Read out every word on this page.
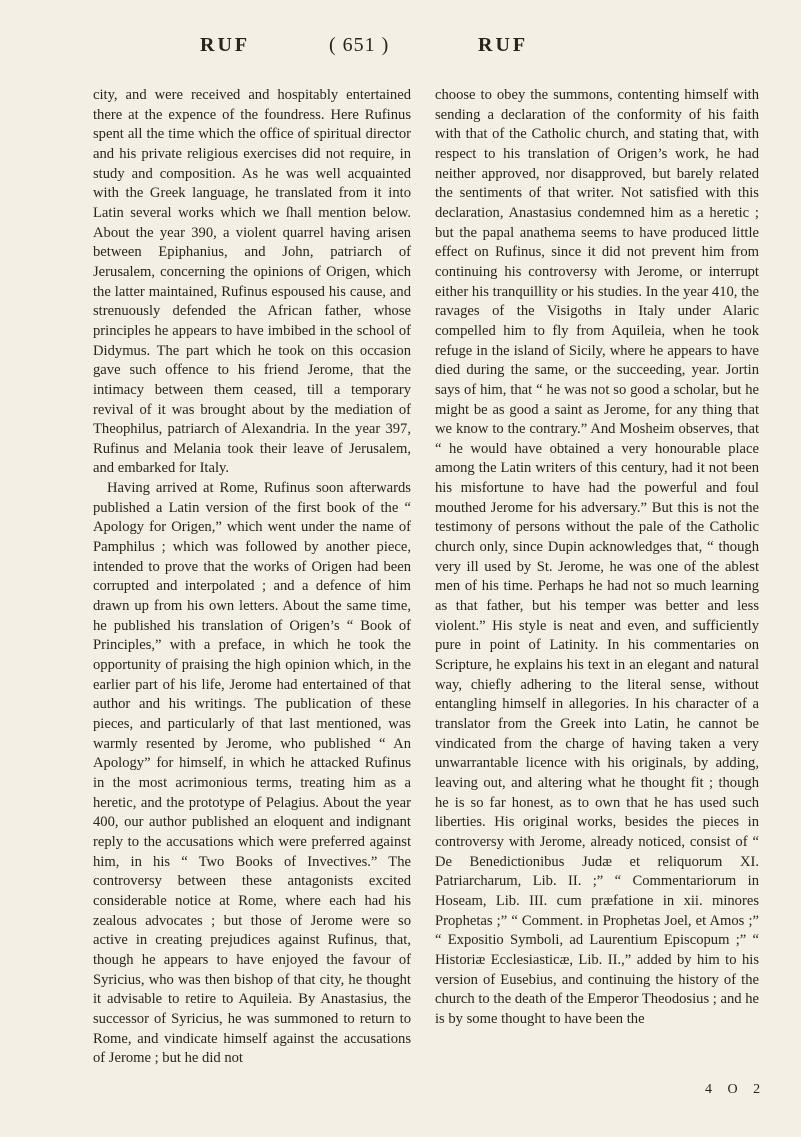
RUF	( 651 )	RUF

city, and were received and hospitably entertained there at the expence of the foundress. Here Rufinus spent all the time which the office of spiritual director and his private religious exercises did not require, in study and composition. As he was well acquainted with the Greek language, he translated from it into Latin several works which we ſhall mention below. About the year 390, a violent quarrel having arisen between Epiphanius, and John, patriarch of Jerusalem, concerning the opinions of Origen, which the latter maintained, Rufinus espoused his cause, and strenuously defended the African father, whose principles he appears to have imbibed in the school of Didymus. The part which he took on this occasion gave such offence to his friend Jerome, that the intimacy between them ceased, till a temporary revival of it was brought about by the mediation of Theophilus, patriarch of Alexandria. In the year 397, Rufinus and Melania took their leave of Jerusalem, and embarked for Italy.

Having arrived at Rome, Rufinus soon afterwards published a Latin version of the first book of the “ Apology for Origen,” which went under the name of Pamphilus ; which was followed by another piece, intended to prove that the works of Origen had been corrupted and interpolated ; and a defence of him drawn up from his own letters. About the same time, he published his translation of Origen’s “ Book of Principles,” with a preface, in which he took the opportunity of praising the high opinion which, in the earlier part of his life, Jerome had entertained of that author and his writings. The publication of these pieces, and particularly of that last mentioned, was warmly resented by Jerome, who published “ An Apology” for himself, in which he attacked Rufinus in the most acrimonious terms, treating him as a heretic, and the prototype of Pelagius. About the year 400, our author published an eloquent and indignant reply to the accusations which were preferred against him, in his “ Two Books of Invectives.” The controversy between these antagonists excited considerable notice at Rome, where each had his zealous advocates ; but those of Jerome were so active in creating prejudices against Rufinus, that, though he appears to have enjoyed the favour of Syricius, who was then bishop of that city, he thought it advisable to retire to Aquileia. By Anastasius, the successor of Syricius, he was summoned to return to Rome, and vindicate himself against the accusations of Jerome ; but he did not

choose to obey the summons, contenting himself with sending a declaration of the conformity of his faith with that of the Catholic church, and stating that, with respect to his translation of Origen’s work, he had neither approved, nor disapproved, but barely related the sentiments of that writer. Not satisfied with this declaration, Anastasius condemned him as a heretic ; but the papal anathema seems to have produced little effect on Rufinus, since it did not prevent him from continuing his controversy with Jerome, or interrupt either his tranquillity or his studies. In the year 410, the ravages of the Visigoths in Italy under Alaric compelled him to fly from Aquileia, when he took refuge in the island of Sicily, where he appears to have died during the same, or the succeeding, year. Jortin says of him, that “ he was not so good a scholar, but he might be as good a saint as Jerome, for any thing that we know to the contrary.” And Mosheim observes, that “ he would have obtained a very honourable place among the Latin writers of this century, had it not been his misfortune to have had the powerful and foul mouthed Jerome for his adversary.” But this is not the testimony of persons without the pale of the Catholic church only, since Dupin acknowledges that, “ though very ill used by St. Jerome, he was one of the ablest men of his time. Perhaps he had not so much learning as that father, but his temper was better and less violent.” His style is neat and even, and sufficiently pure in point of Latinity. In his commentaries on Scripture, he explains his text in an elegant and natural way, chiefly adhering to the literal sense, without entangling himself in allegories. In his character of a translator from the Greek into Latin, he cannot be vindicated from the charge of having taken a very unwarrantable licence with his originals, by adding, leaving out, and altering what he thought fit ; though he is so far honest, as to own that he has used such liberties. His original works, besides the pieces in controversy with Jerome, already noticed, consist of “ De Benedictionibus Judæ et reliquorum XI. Patriarcharum, Lib. II. ;” “ Commentariorum in Hoseam, Lib. III. cum præfatione in xii. minores Prophetas ;” “ Comment. in Prophetas Joel, et Amos ;” “ Expositio Symboli, ad Laurentium Episcopum ;” “ Historiæ Ecclesiasticæ, Lib. II.,” added by him to his version of Eusebius, and continuing the history of the church to the death of the Emperor Theodosius ; and he is by some thought to have been the

4 O 2
